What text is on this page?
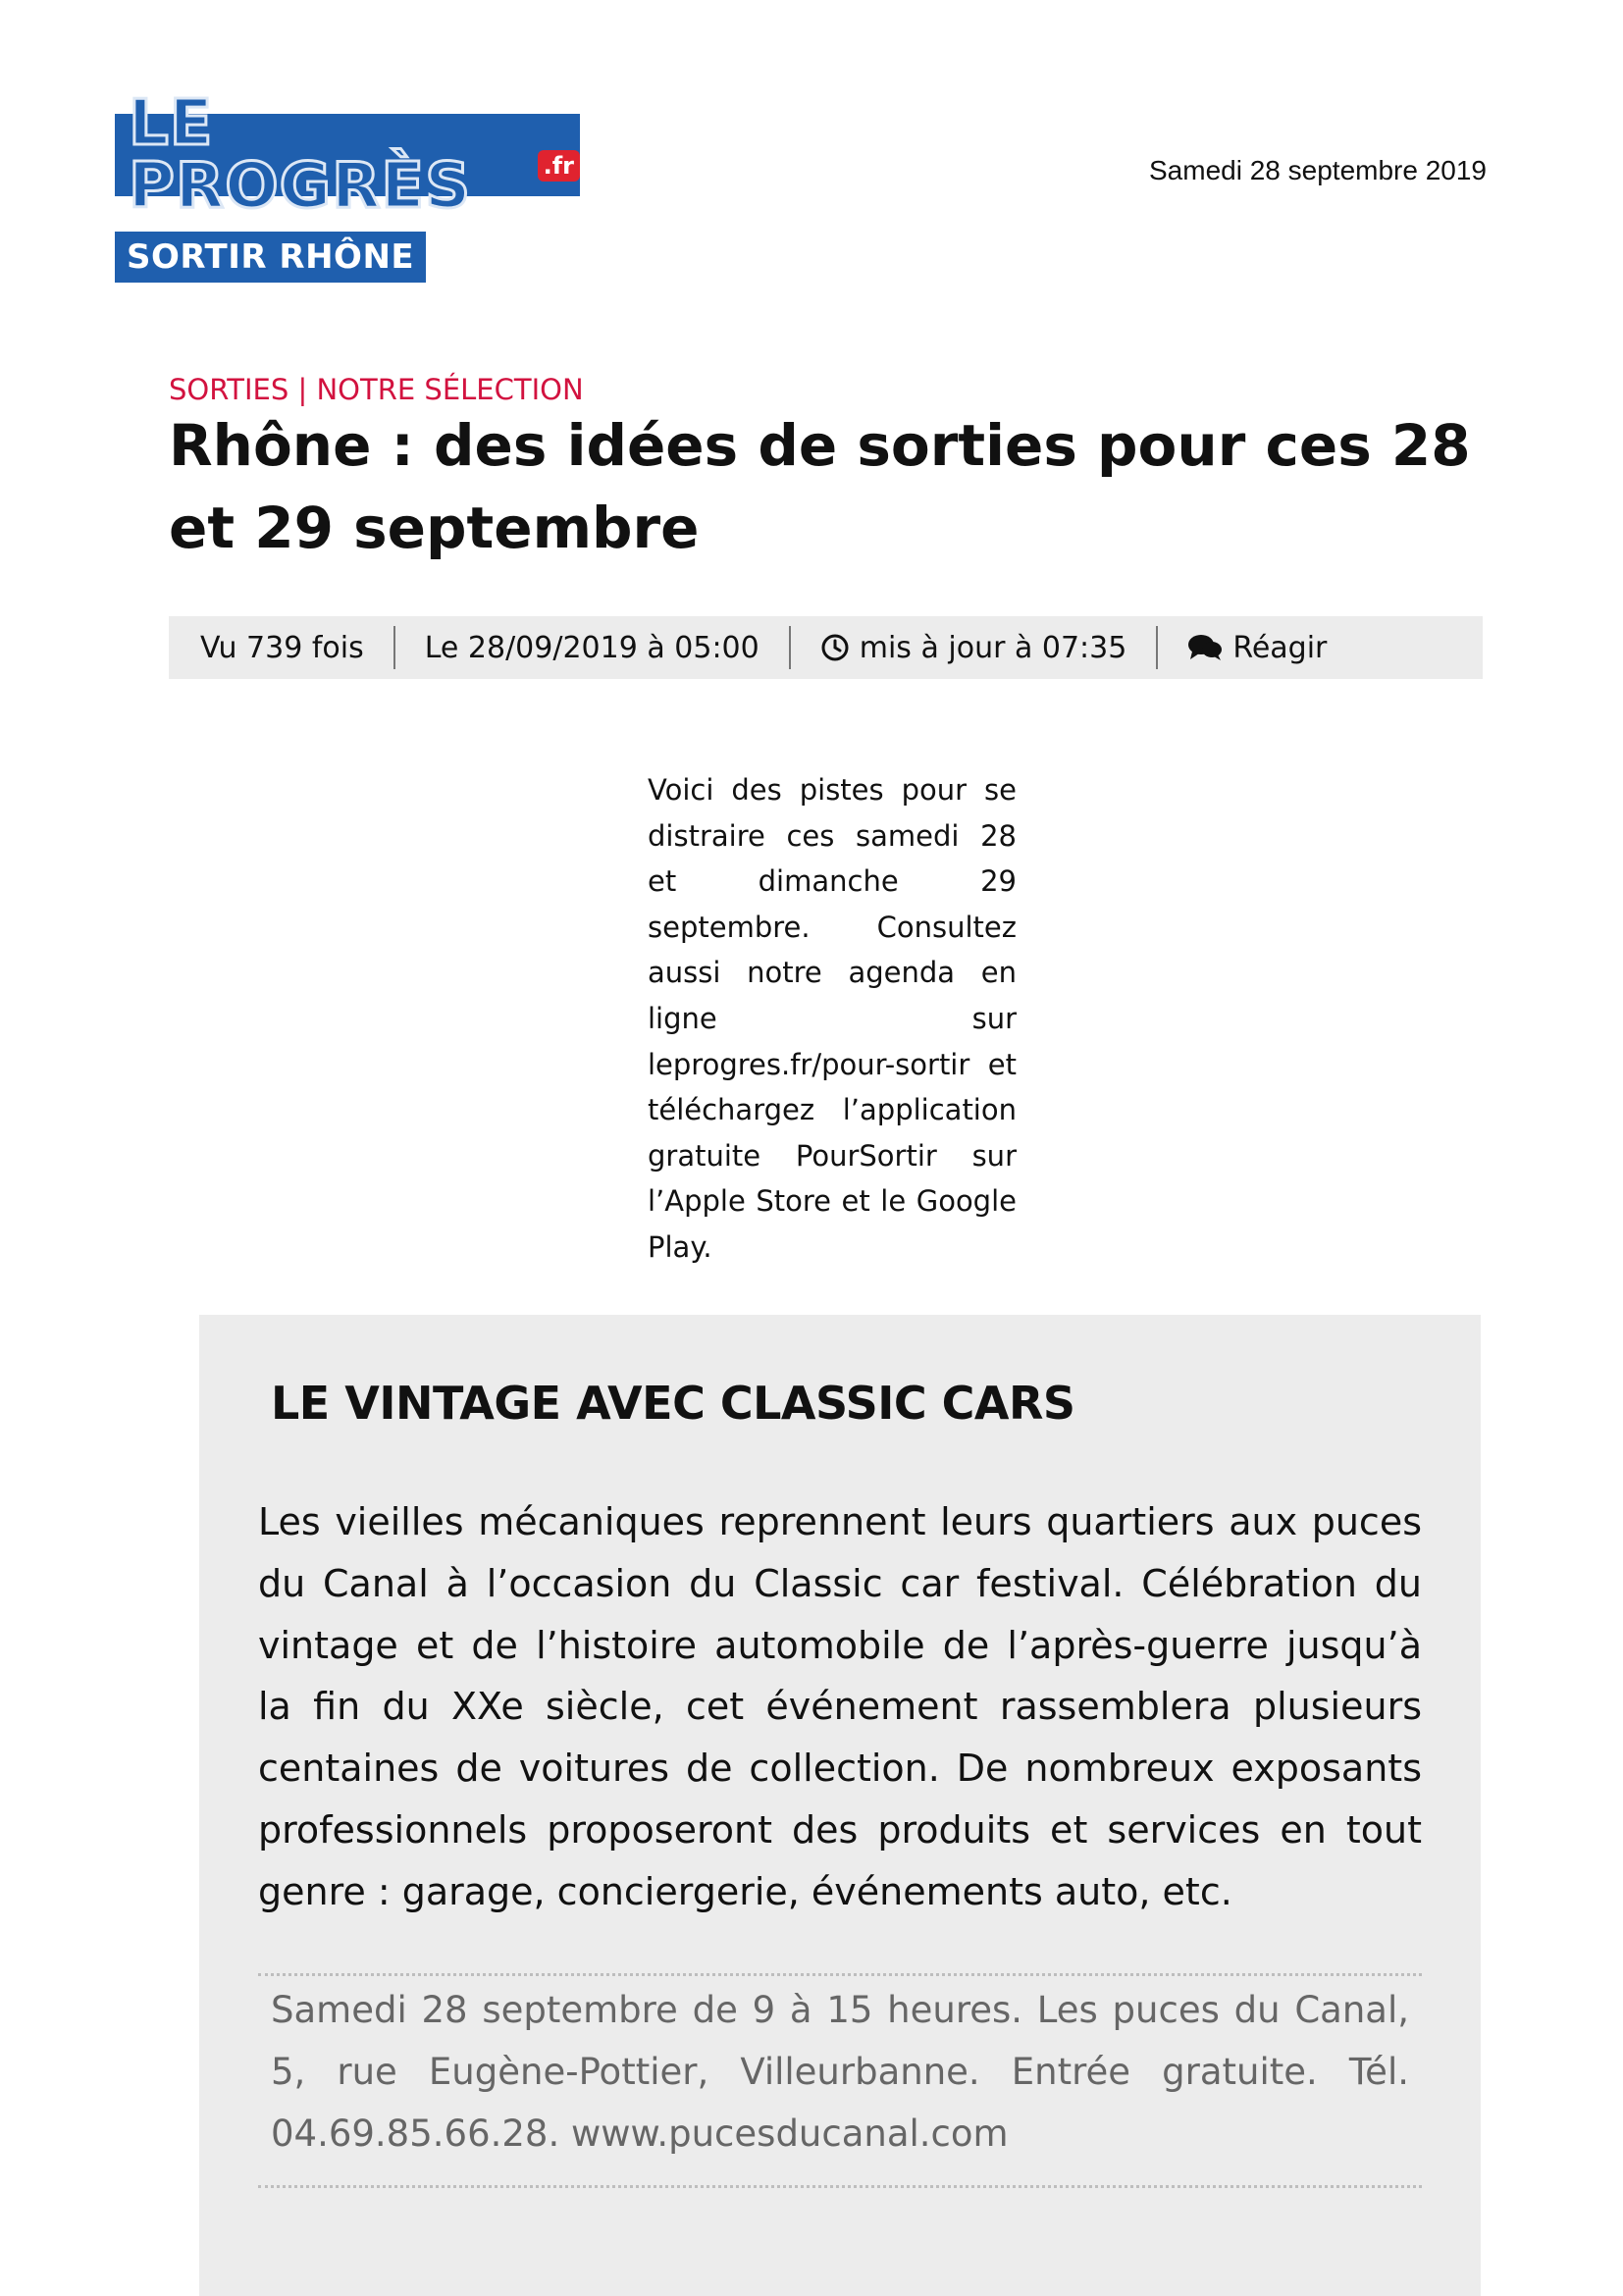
LE PROGRÈS	.fr	Samedi 28 septembre 2019
SORTIR RHÔNE
SORTIES | NOTRE SÉLECTION
Rhône : des idées de sorties pour ces 28 et 29 septembre
Vu 739 fois	Le 28/09/2019 à 05:00	mis à jour à 07:35	Réagir
Voici des pistes pour se distraire ces samedi 28 et dimanche 29 septembre. Consultez aussi notre agenda en ligne sur leprogres.fr/pour-sortir et téléchargez l’application gratuite PourSortir sur l’Apple Store et le Google Play.
LE VINTAGE AVEC CLASSIC CARS
Les vieilles mécaniques reprennent leurs quartiers aux puces du Canal à l’occasion du Classic car festival. Célébration du vintage et de l’histoire automobile de l’après-guerre jusqu’à la fin du XXe siècle, cet événement rassemblera plusieurs centaines de voitures de collection. De nombreux exposants professionnels proposeront des produits et services en tout genre : garage, conciergerie, événements auto, etc.
Samedi 28 septembre de 9 à 15 heures. Les puces du Canal, 5, rue Eugène-Pottier, Villeurbanne. Entrée gratuite. Tél. 04.69.85.66.28. www.pucesducanal.com
